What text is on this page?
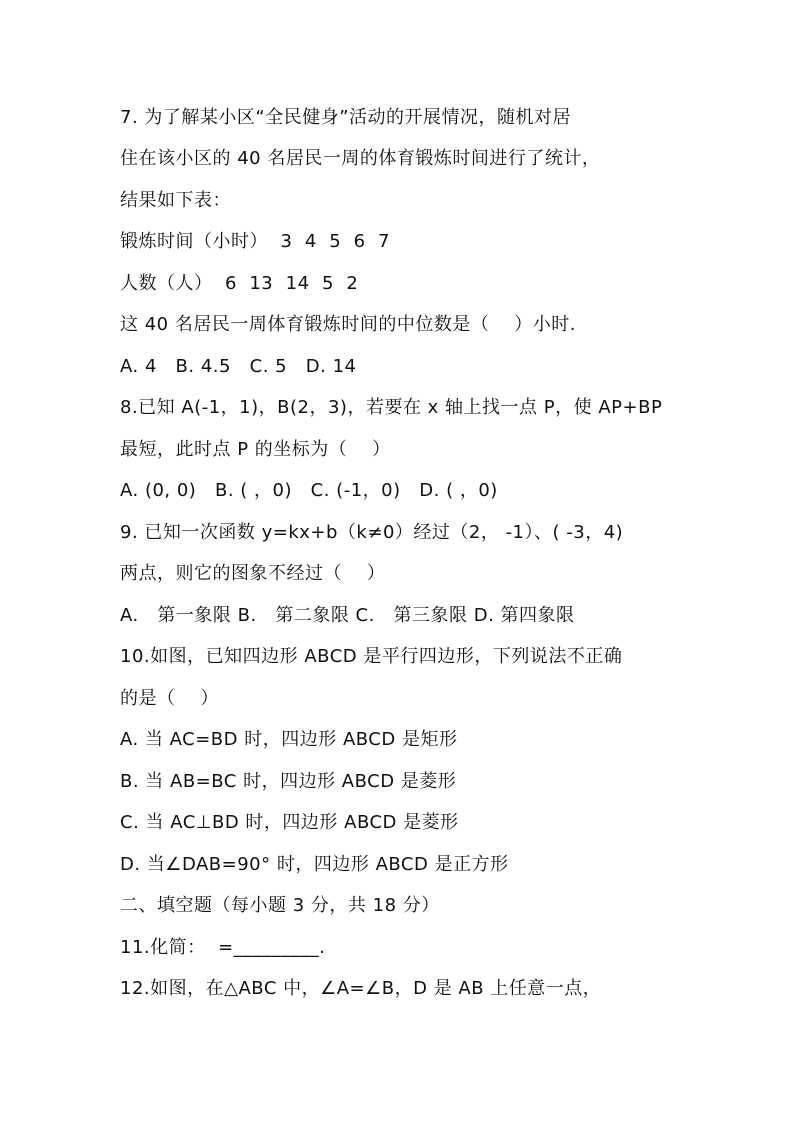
7. 为了解某小区“全民健身”活动的开展情况，随机对居
住在该小区的 40 名居民一周的体育锻炼时间进行了统计，
结果如下表：
锻炼时间（小时）  3  4  5  6  7
人数（人）  6  13  14  5  2
这 40 名居民一周体育锻炼时间的中位数是（    ）小时.
A. 4   B. 4.5   C. 5   D. 14
8.已知 A(-1，1)，B(2，3)，若要在 x 轴上找一点 P，使 AP+BP
最短，此时点 P 的坐标为（    ）
A. (0, 0)   B. ( ，0)   C. (-1，0)   D. ( ，0)
9. 已知一次函数 y=kx+b（k≠0）经过（2， -1）、( -3，4)
两点，则它的图象不经过（    ）
A.   第一象限 B.   第二象限 C.   第三象限 D. 第四象限
10.如图，已知四边形 ABCD 是平行四边形，下列说法不正确
的是（    ）
A. 当 AC=BD 时，四边形 ABCD 是矩形
B. 当 AB=BC 时，四边形 ABCD 是菱形
C. 当 AC⊥BD 时，四边形 ABCD 是菱形
D. 当∠DAB=90° 时，四边形 ABCD 是正方形
二、填空题（每小题 3 分，共 18 分）
11.化简：  =_________.
12.如图，在△ABC 中，∠A=∠B，D 是 AB 上任意一点，
